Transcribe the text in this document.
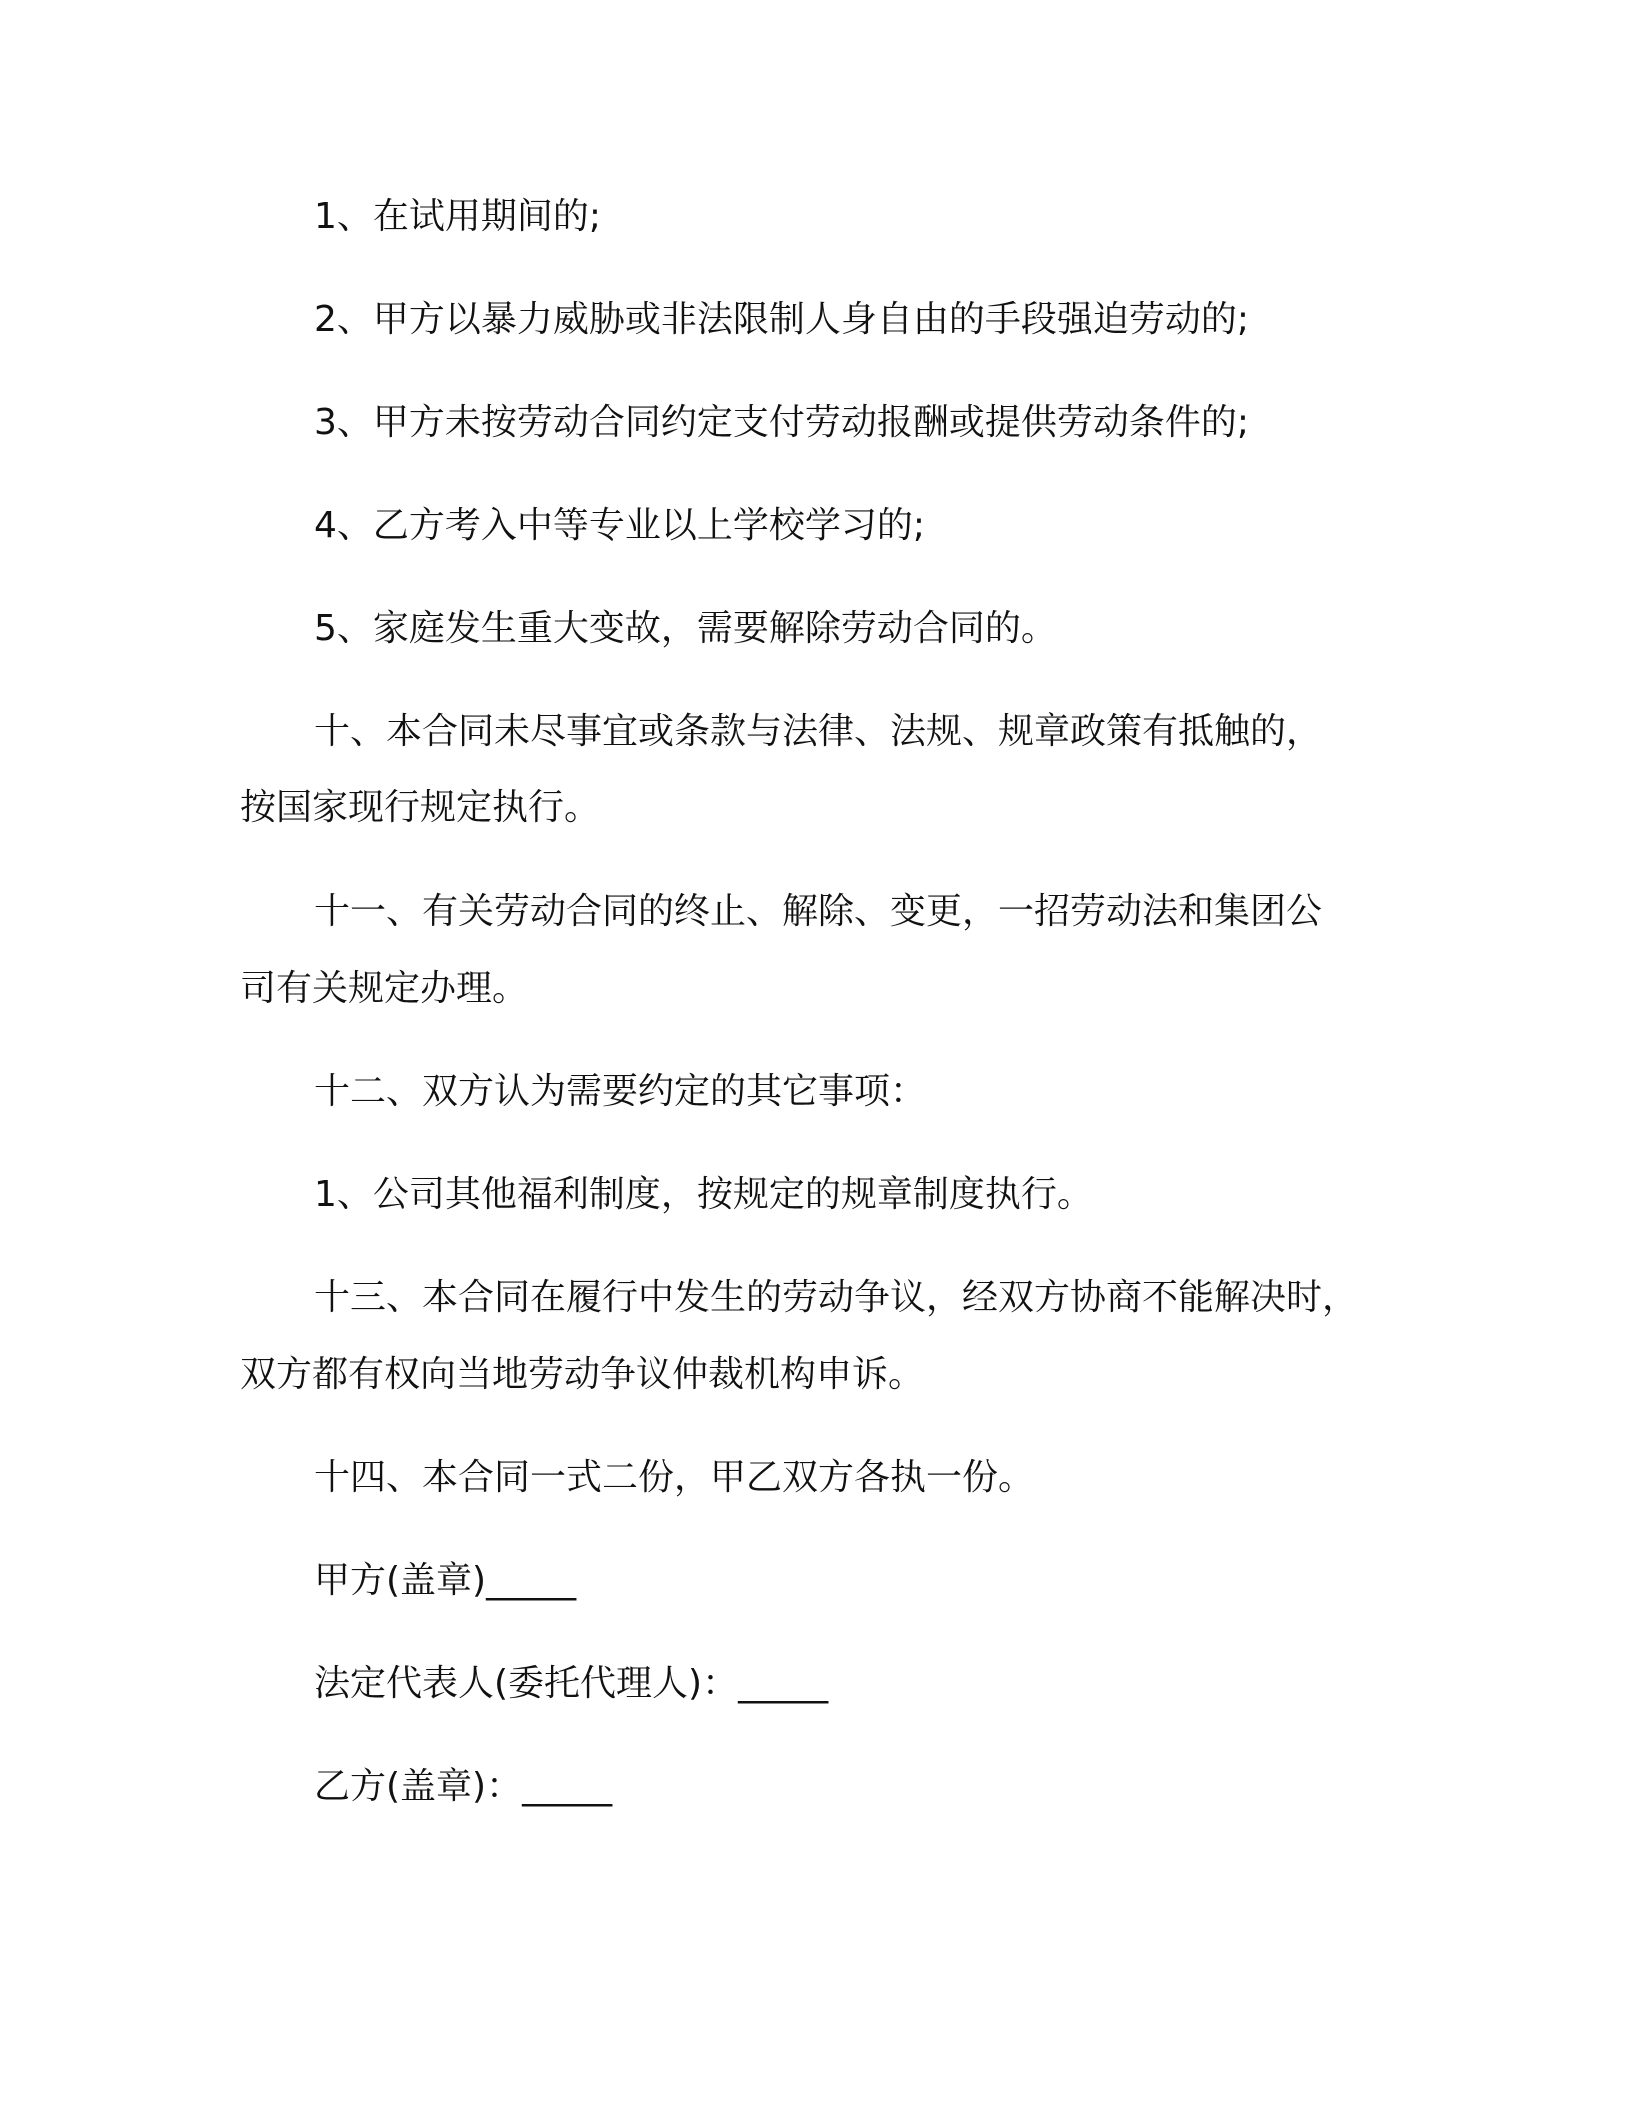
1、在试用期间的;

2、甲方以暴力威胁或非法限制人身自由的手段强迫劳动的;

3、甲方未按劳动合同约定支付劳动报酬或提供劳动条件的;

4、乙方考入中等专业以上学校学习的;

5、家庭发生重大变故，需要解除劳动合同的。

十、本合同未尽事宜或条款与法律、法规、规章政策有抵触的，

按国家现行规定执行。

十一、有关劳动合同的终止、解除、变更，一招劳动法和集团公

司有关规定办理。

十二、双方认为需要约定的其它事项：

1、公司其他福利制度，按规定的规章制度执行。

十三、本合同在履行中发生的劳动争议，经双方协商不能解决时，

双方都有权向当地劳动争议仲裁机构申诉。

十四、本合同一式二份，甲乙双方各执一份。

甲方(盖章)_____

法定代表人(委托代理人)：_____

乙方(盖章)：_____
